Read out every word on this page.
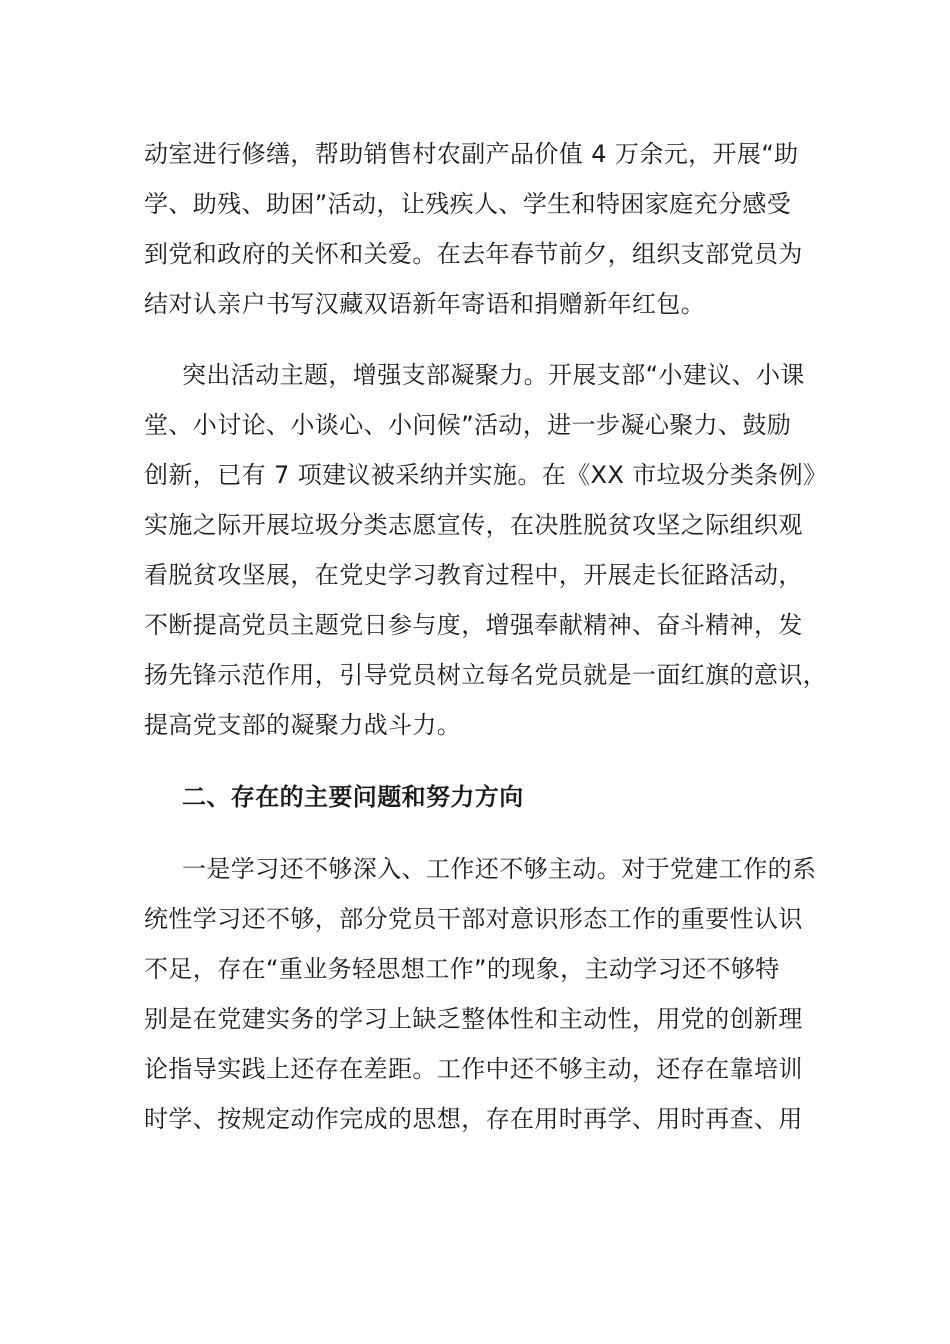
动室进行修缮，帮助销售村农副产品价值 4 万余元，开展“助
学、助残、助困”活动，让残疾人、学生和特困家庭充分感受
到党和政府的关怀和关爱。在去年春节前夕，组织支部党员为
结对认亲户书写汉藏双语新年寄语和捐赠新年红包。
突出活动主题，增强支部凝聚力。开展支部“小建议、小课
堂、小讨论、小谈心、小问候”活动，进一步凝心聚力、鼓励
创新，已有 7 项建议被采纳并实施。在《XX 市垃圾分类条例》
实施之际开展垃圾分类志愿宣传，在决胜脱贫攻坚之际组织观
看脱贫攻坚展，在党史学习教育过程中，开展走长征路活动，
不断提高党员主题党日参与度，增强奉献精神、奋斗精神，发
扬先锋示范作用，引导党员树立每名党员就是一面红旗的意识，
提高党支部的凝聚力战斗力。
二、存在的主要问题和努力方向
一是学习还不够深入、工作还不够主动。对于党建工作的系
统性学习还不够，部分党员干部对意识形态工作的重要性认识
不足，存在“重业务轻思想工作”的现象，主动学习还不够特
别是在党建实务的学习上缺乏整体性和主动性，用党的创新理
论指导实践上还存在差距。工作中还不够主动，还存在靠培训
时学、按规定动作完成的思想，存在用时再学、用时再查、用
